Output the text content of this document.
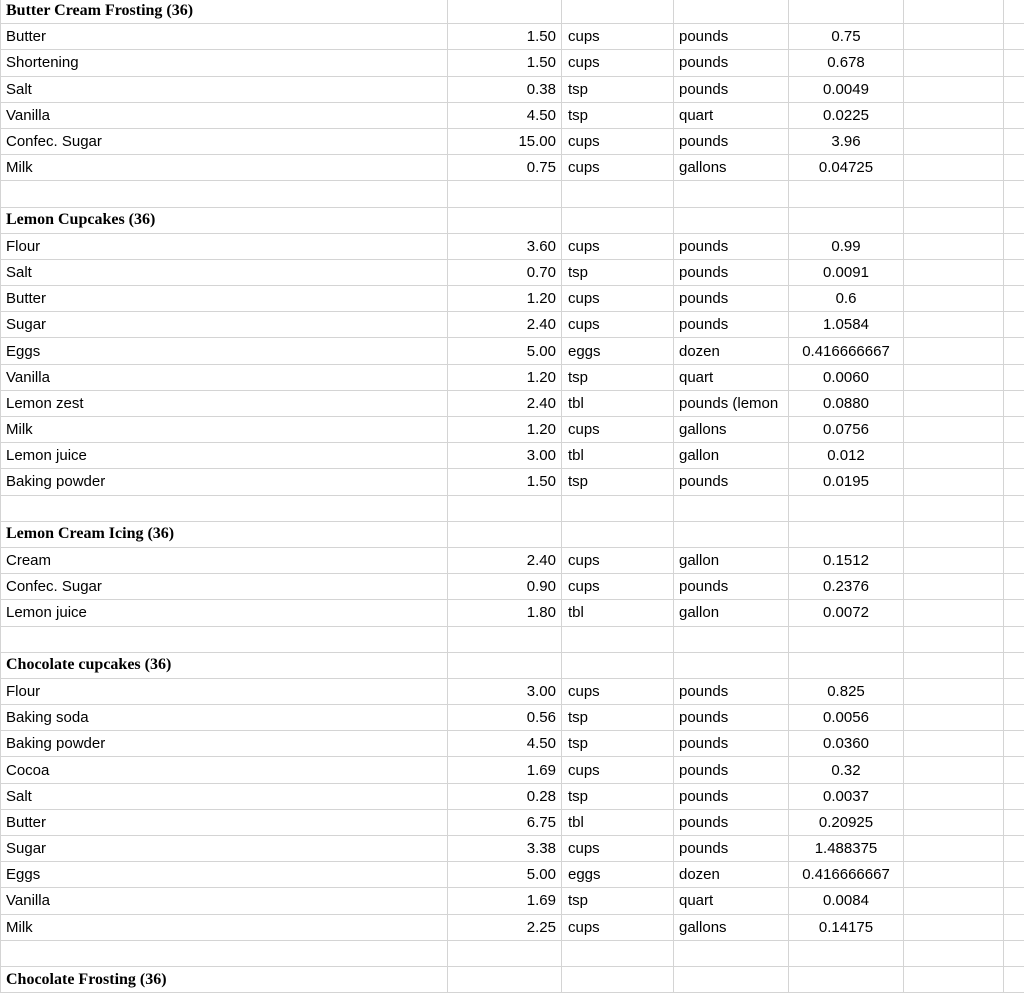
Butter Cream Frosting (36)						
Butter	1.50	cups	pounds	0.75		
Shortening	1.50	cups	pounds	0.678		
Salt	0.38	tsp	pounds	0.0049		
Vanilla	4.50	tsp	quart	0.0225		
Confec. Sugar	15.00	cups	pounds	3.96		
Milk	0.75	cups	gallons	0.04725		

Lemon Cupcakes (36)						
Flour	3.60	cups	pounds	0.99		
Salt	0.70	tsp	pounds	0.0091		
Butter	1.20	cups	pounds	0.6		
Sugar	2.40	cups	pounds	1.0584		
Eggs	5.00	eggs	dozen	0.416666667		
Vanilla	1.20	tsp	quart	0.0060		
Lemon zest	2.40	tbl	pounds (lemon	0.0880		
Milk	1.20	cups	gallons	0.0756		
Lemon juice	3.00	tbl	gallon	0.012		
Baking powder	1.50	tsp	pounds	0.0195		

Lemon Cream Icing (36)						
Cream	2.40	cups	gallon	0.1512		
Confec. Sugar	0.90	cups	pounds	0.2376		
Lemon juice	1.80	tbl	gallon	0.0072		

Chocolate cupcakes (36)						
Flour	3.00	cups	pounds	0.825		
Baking soda	0.56	tsp	pounds	0.0056		
Baking powder	4.50	tsp	pounds	0.0360		
Cocoa	1.69	cups	pounds	0.32		
Salt	0.28	tsp	pounds	0.0037		
Butter	6.75	tbl	pounds	0.20925		
Sugar	3.38	cups	pounds	1.488375		
Eggs	5.00	eggs	dozen	0.416666667		
Vanilla	1.69	tsp	quart	0.0084		
Milk	2.25	cups	gallons	0.14175		

Chocolate Frosting (36)						
